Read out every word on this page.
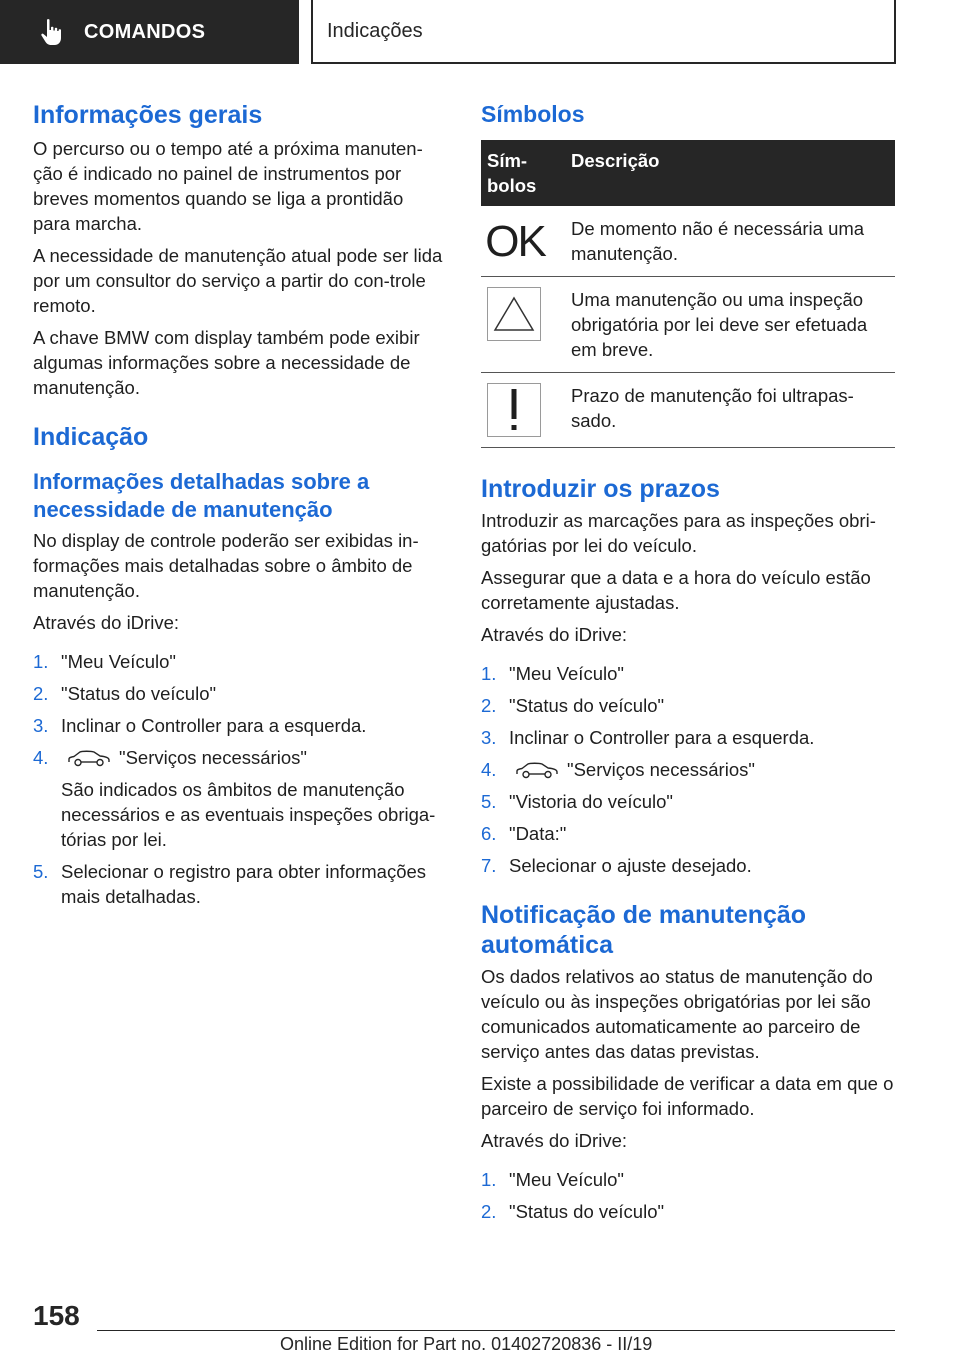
COMANDOS	Indicações
Informações gerais

O percurso ou o tempo até a próxima manuten-ção é indicado no painel de instrumentos por breves momentos quando se liga a prontidão para marcha.

A necessidade de manutenção atual pode ser lida por um consultor do serviço a partir do con-trole remoto.

A chave BMW com display também pode exibir algumas informações sobre a necessidade de manutenção.

Indicação
Informações detalhadas sobre a necessidade de manutenção

No display de controle poderão ser exibidas in-formações mais detalhadas sobre o âmbito de manutenção.

Através do iDrive:

1. "Meu Veículo"
2. "Status do veículo"
3. Inclinar o Controller para a esquerda.
4.	"Serviços necessários"
São indicados os âmbitos de manutenção necessários e as eventuais inspeções obriga-tórias por lei.
5. Selecionar o registro para obter informações mais detalhadas.
Símbolos
Sím-bolos	Descrição

OK	De momento não é necessária uma manutenção.

	Uma manutenção ou uma inspeção obrigatória por lei deve ser efetuada em breve.

	Prazo de manutenção foi ultrapas-sado.
Introduzir os prazos

Introduzir as marcações para as inspeções obri-gatórias por lei do veículo.

Assegurar que a data e a hora do veículo estão corretamente ajustadas.

Através do iDrive:

1. "Meu Veículo"
2. "Status do veículo"
3. Inclinar o Controller para a esquerda.
4.	"Serviços necessários"
5. "Vistoria do veículo"
6. "Data:"
7. Selecionar o ajuste desejado.
Notificação de manutenção automática

Os dados relativos ao status de manutenção do veículo ou às inspeções obrigatórias por lei são comunicados automaticamente ao parceiro de serviço antes das datas previstas.

Existe a possibilidade de verificar a data em que o parceiro de serviço foi informado.

Através do iDrive:

1. "Meu Veículo"
2. "Status do veículo"
158
Online Edition for Part no. 01402720836 - II/19
